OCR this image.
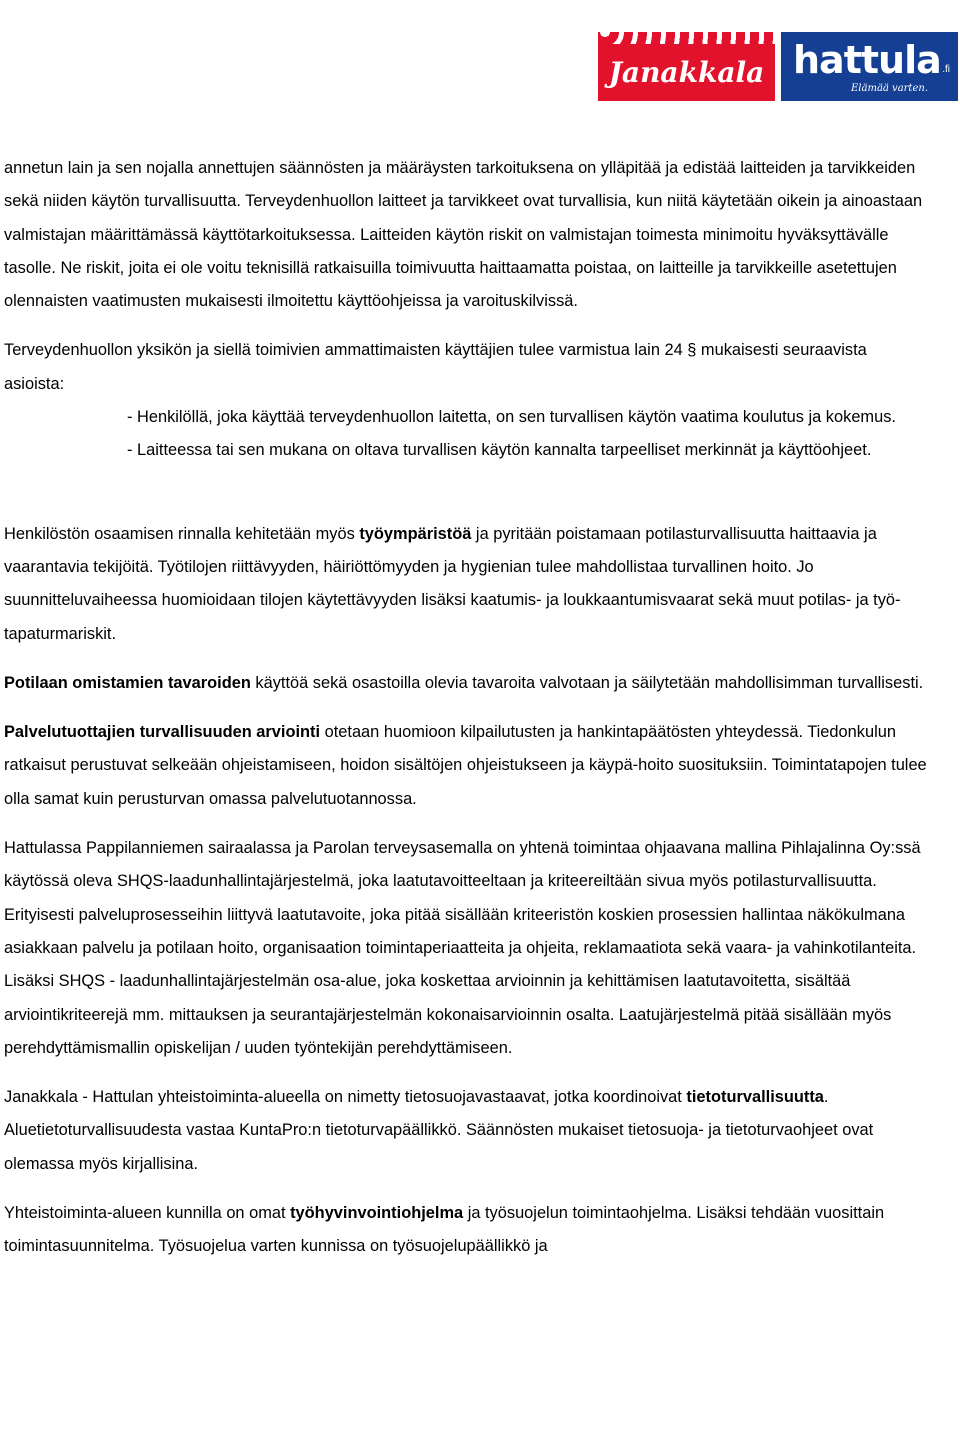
Janakkala hattula .fi
Elämää varten.

annetun lain ja sen nojalla annettujen säännösten ja määräysten tarkoituksena on ylläpitää ja edistää laitteiden ja tarvikkeiden sekä niiden käytön turvallisuutta. Terveydenhuollon laitteet ja tarvikkeet ovat turvallisia, kun niitä käytetään oikein ja ainoastaan valmistajan määrittämässä käyttötarkoituksessa. Laitteiden käytön riskit on valmistajan toimesta minimoitu hyväksyttävälle tasolle. Ne riskit, joita ei ole voitu teknisillä ratkaisuilla toimivuutta haittaamatta poistaa, on laitteille ja tarvikkeille asetettujen olennaisten vaatimusten mukaisesti ilmoitettu käyttöohjeissa ja varoituskilvissä.

Terveydenhuollon yksikön ja siellä toimivien ammattimaisten käyttäjien tulee varmistua lain 24 § mukaisesti seuraavista asioista:

- Henkilöllä, joka käyttää terveydenhuollon laitetta, on sen turvallisen käytön vaatima koulutus ja kokemus.

- Laitteessa tai sen mukana on oltava turvallisen käytön kannalta tarpeelliset merkinnät ja käyttöohjeet.

Henkilöstön osaamisen rinnalla kehitetään myös työympäristöä ja pyritään poistamaan potilasturvallisuutta haittaavia ja vaarantavia tekijöitä. Työtilojen riittävyyden, häiriöttömyyden ja hygienian tulee mahdollistaa turvallinen hoito. Jo suunnitteluvaiheessa huomioidaan tilojen käytettävyyden lisäksi kaatumis- ja loukkaantumisvaarat sekä muut potilas- ja työ- tapaturmariskit.

Potilaan omistamien tavaroiden käyttöä sekä osastoilla olevia tavaroita valvotaan ja säilytetään mahdollisimman turvallisesti.

Palvelutuottajien turvallisuuden arviointi otetaan huomioon kilpailutusten ja hankintapäätösten yhteydessä. Tiedonkulun ratkaisut perustuvat selkeään ohjeistamiseen, hoidon sisältöjen ohjeistukseen ja käypä-hoito suosituksiin. Toimintatapojen tulee olla samat kuin perusturvan omassa palvelutuotannossa.

Hattulassa Pappilanniemen sairaalassa ja Parolan terveysasemalla on yhtenä toimintaa ohjaavana mallina Pihlajalinna Oy:ssä käytössä oleva SHQS-laadunhallintajärjestelmä, joka laatutavoitteeltaan ja kriteereiltään sivua myös potilasturvallisuutta. Erityisesti palveluprosesseihin liittyvä laatutavoite, joka pitää sisällään kriteeristön koskien prosessien hallintaa näkökulmana asiakkaan palvelu ja potilaan hoito, organisaation toimintaperiaatteita ja ohjeita, reklamaatiota sekä vaara- ja vahinkotilanteita. Lisäksi SHQS - laadunhallintajärjestelmän osa-alue, joka koskettaa arvioinnin ja kehittämisen laatutavoitetta, sisältää arviointikriteerejä mm. mittauksen ja seurantajärjestelmän kokonaisarvioinnin osalta. Laatujärjestelmä pitää sisällään myös perehdyttämismallin opiskelijan / uuden työntekijän perehdyttämiseen.

Janakkala - Hattulan yhteistoiminta-alueella on nimetty tietosuojavastaavat, jotka koordinoivat tietoturvallisuutta. Aluetietoturvallisuudesta vastaa KuntaPro:n tietoturvapäällikkö. Säännösten mukaiset tietosuoja- ja tietoturvaohjeet ovat olemassa myös kirjallisina.

Yhteistoiminta-alueen kunnilla on omat työhyvinvointiohjelma ja työsuojelun toimintaohjelma. Lisäksi tehdään vuosittain toimintasuunnitelma. Työsuojelua varten kunnissa on työsuojelupäällikkö ja
